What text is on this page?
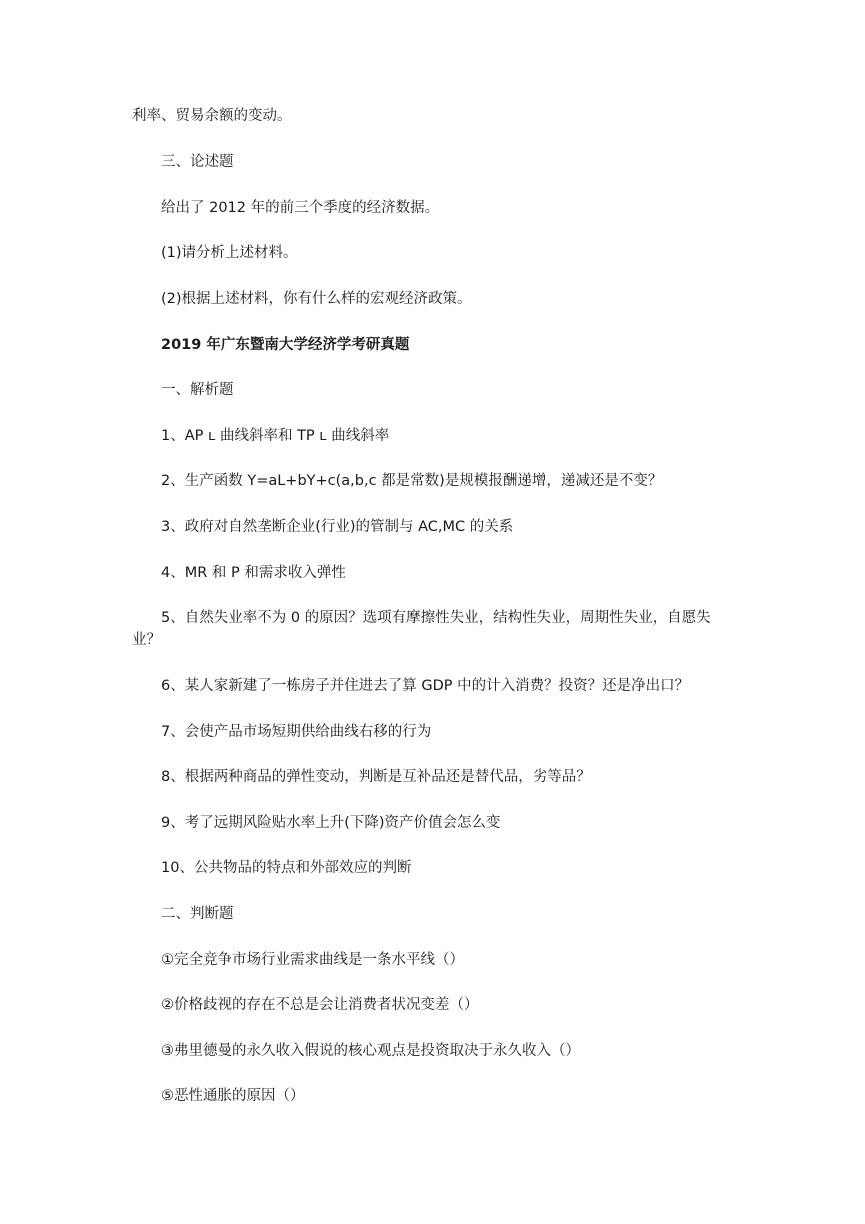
利率、贸易余额的变动。
三、论述题
给出了 2012 年的前三个季度的经济数据。
(1)请分析上述材料。
(2)根据上述材料，你有什么样的宏观经济政策。
2019 年广东暨南大学经济学考研真题
一、解析题
1、AP ʟ 曲线斜率和 TP ʟ 曲线斜率
2、生产函数 Y=aL+bY+c(a,b,c 都是常数)是规模报酬递增，递减还是不变？
3、政府对自然垄断企业(行业)的管制与 AC,MC 的关系
4、MR 和 P 和需求收入弹性
5、自然失业率不为 0 的原因？选项有摩擦性失业，结构性失业，周期性失业，自愿失业？
6、某人家新建了一栋房子并住进去了算 GDP 中的计入消费？投资？还是净出口？
7、会使产品市场短期供给曲线右移的行为
8、根据两种商品的弹性变动，判断是互补品还是替代品，劣等品？
9、考了远期风险贴水率上升(下降)资产价值会怎么变
10、公共物品的特点和外部效应的判断
二、判断题
①完全竞争市场行业需求曲线是一条水平线（）
②价格歧视的存在不总是会让消费者状况变差（）
③弗里德曼的永久收入假说的核心观点是投资取决于永久收入（）
⑤恶性通胀的原因（）
